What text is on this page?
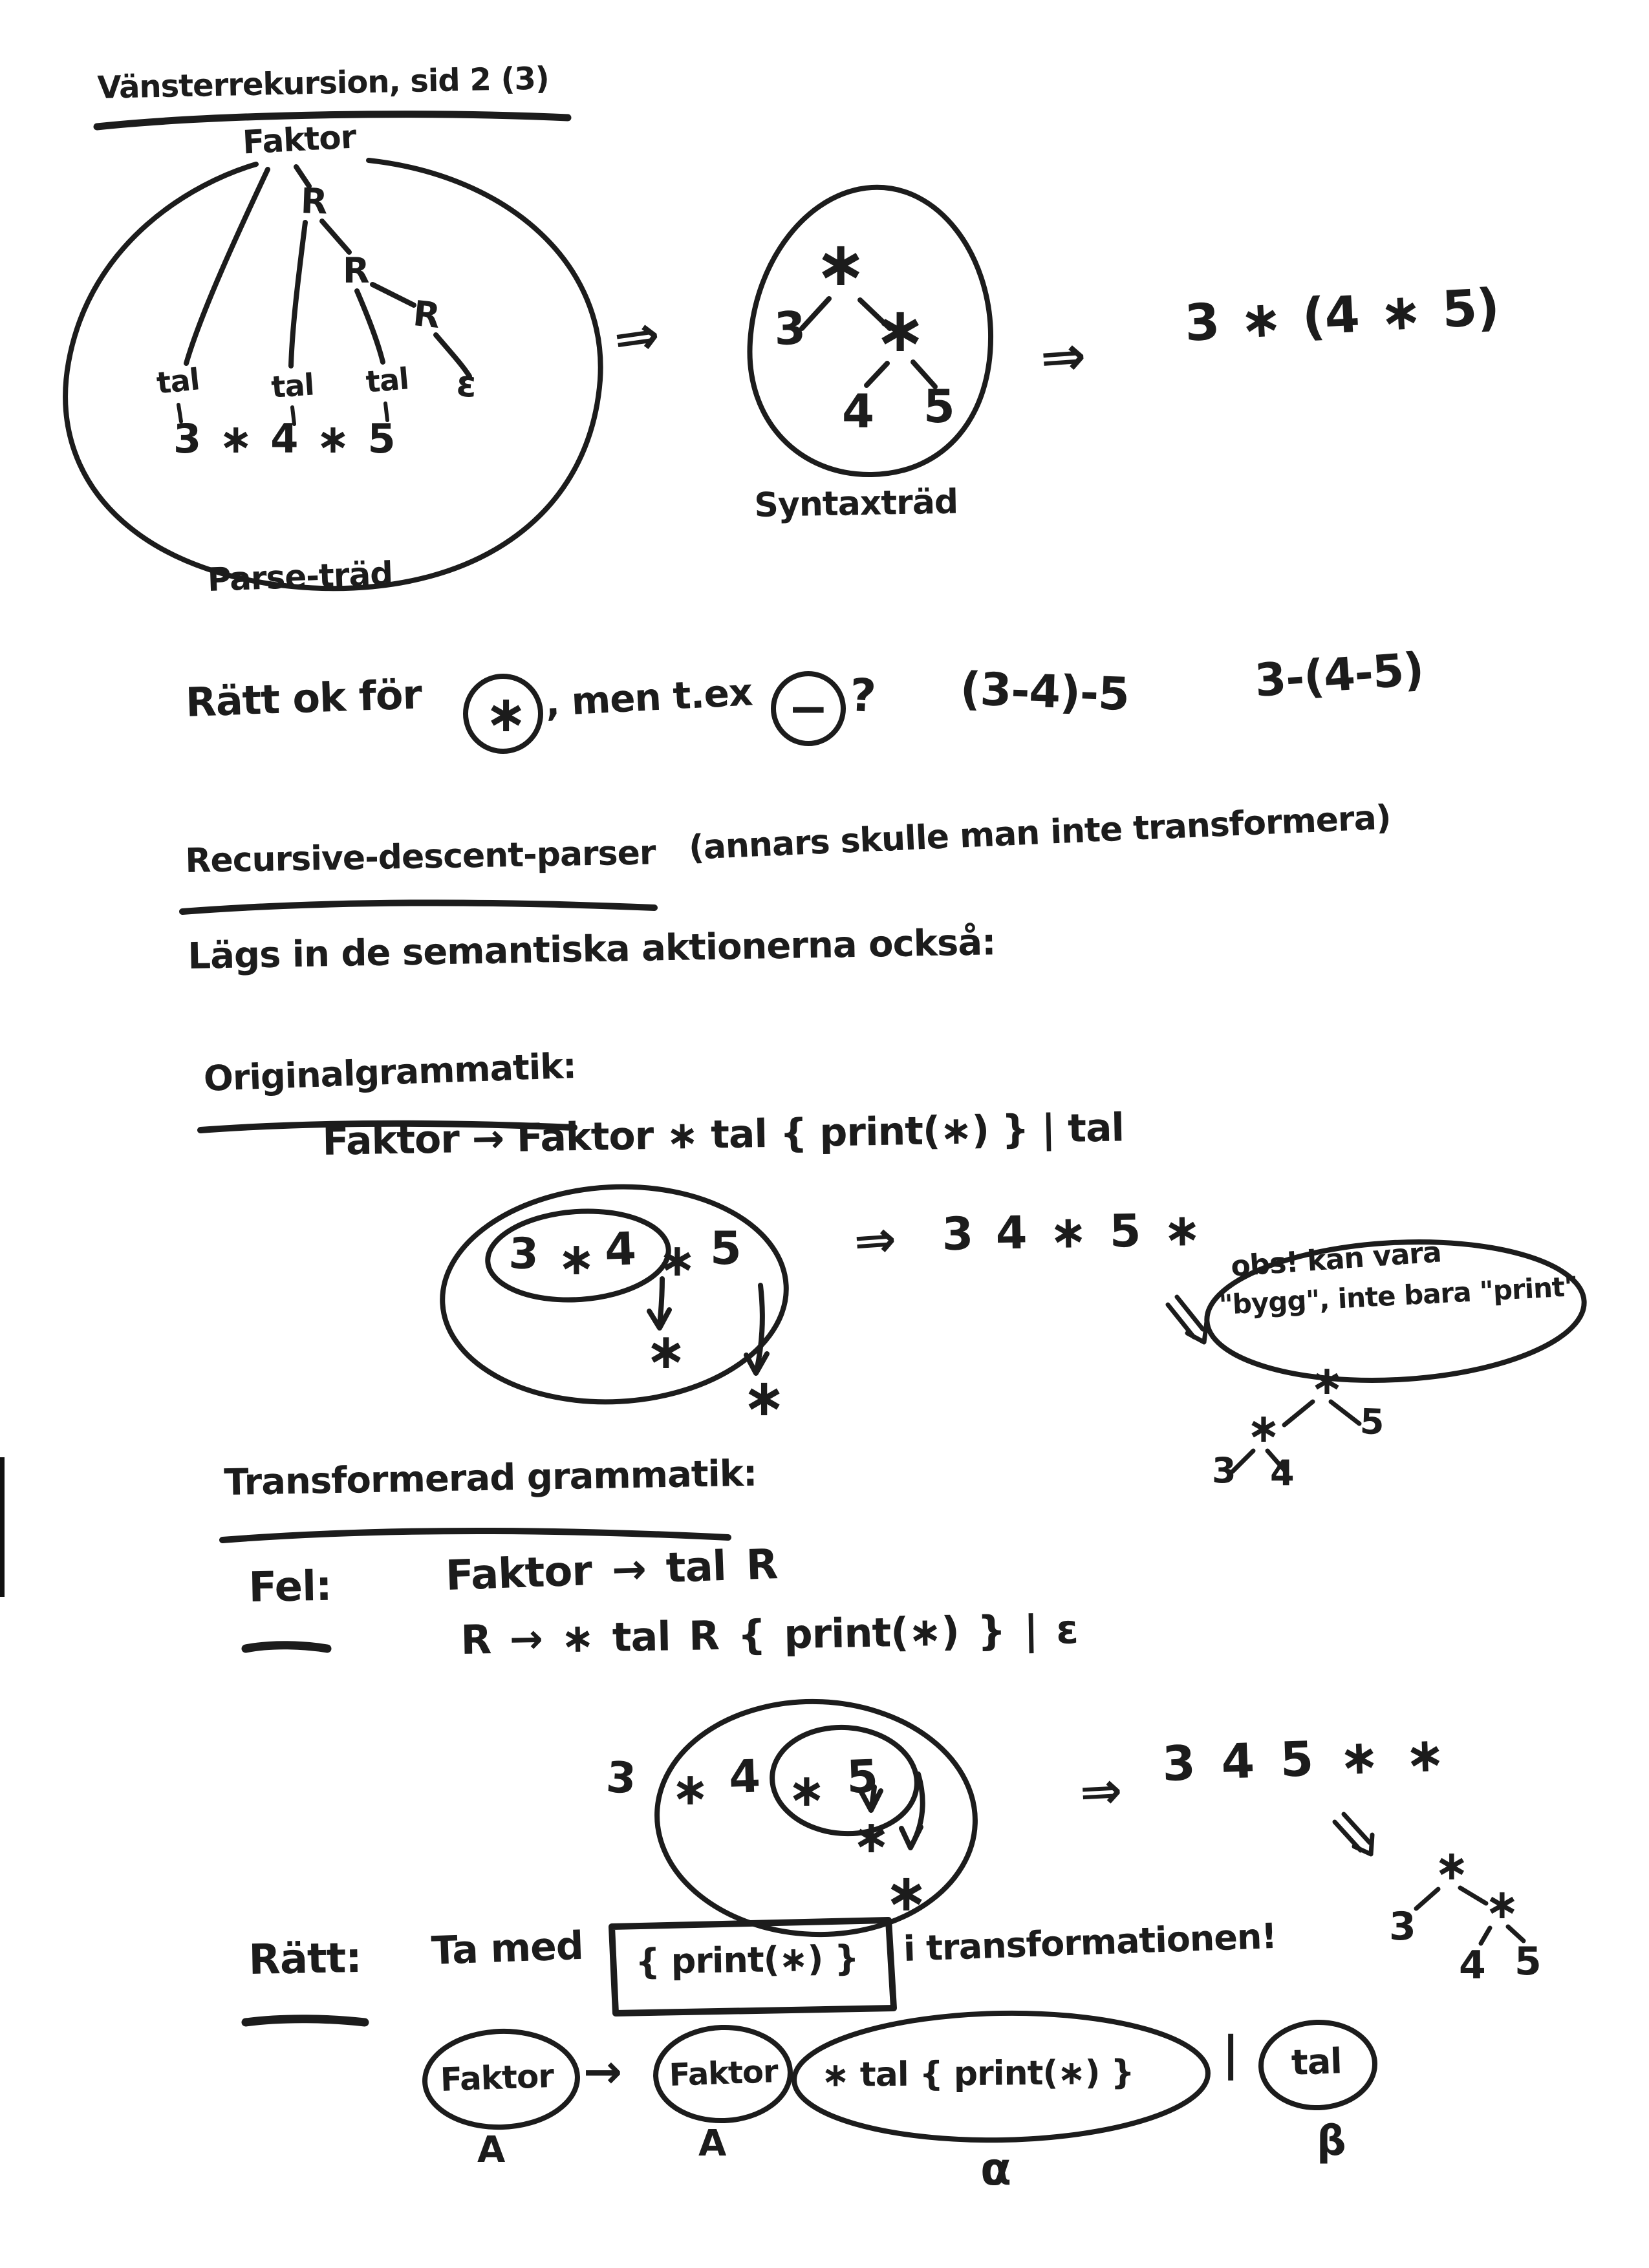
Vänsterrekursion, sid 2 (3)
Faktor
R
R
R
tal tal tal ε
3 ∗ 4 ∗ 5
Parse-träd
⇒
∗
3 ∗
4 5
Syntaxträd
⇒
3 ∗ (4 ∗ 5)
Rätt ok för ∗ , men t.ex − ? (3-4)-5	3-(4-5)
Recursive-descent-parser (annars skulle man inte transformera)
Lägs in de semantiska aktionerna också:
Originalgrammatik:
Faktor → Faktor ∗ tal { print(∗) } | tal
3 ∗ 4 ∗ 5
∗
∗
⇒ 3 4 ∗ 5 ∗ obs! kan vara
"bygg", inte bara "print"
∗
∗ 5
3 4
Transformerad grammatik:
Fel:	Faktor → tal R
R → ∗ tal R { print(∗) } | ε
3 ∗ 4 ∗ 5
∗
∗
⇒ 3 4 5 ∗ ∗
∗
3 ∗
4 5
Rätt: Ta med { print(∗) } i transformationen!
Faktor → Faktor ∗ tal { print(∗) } | tal
A	A	α
β
